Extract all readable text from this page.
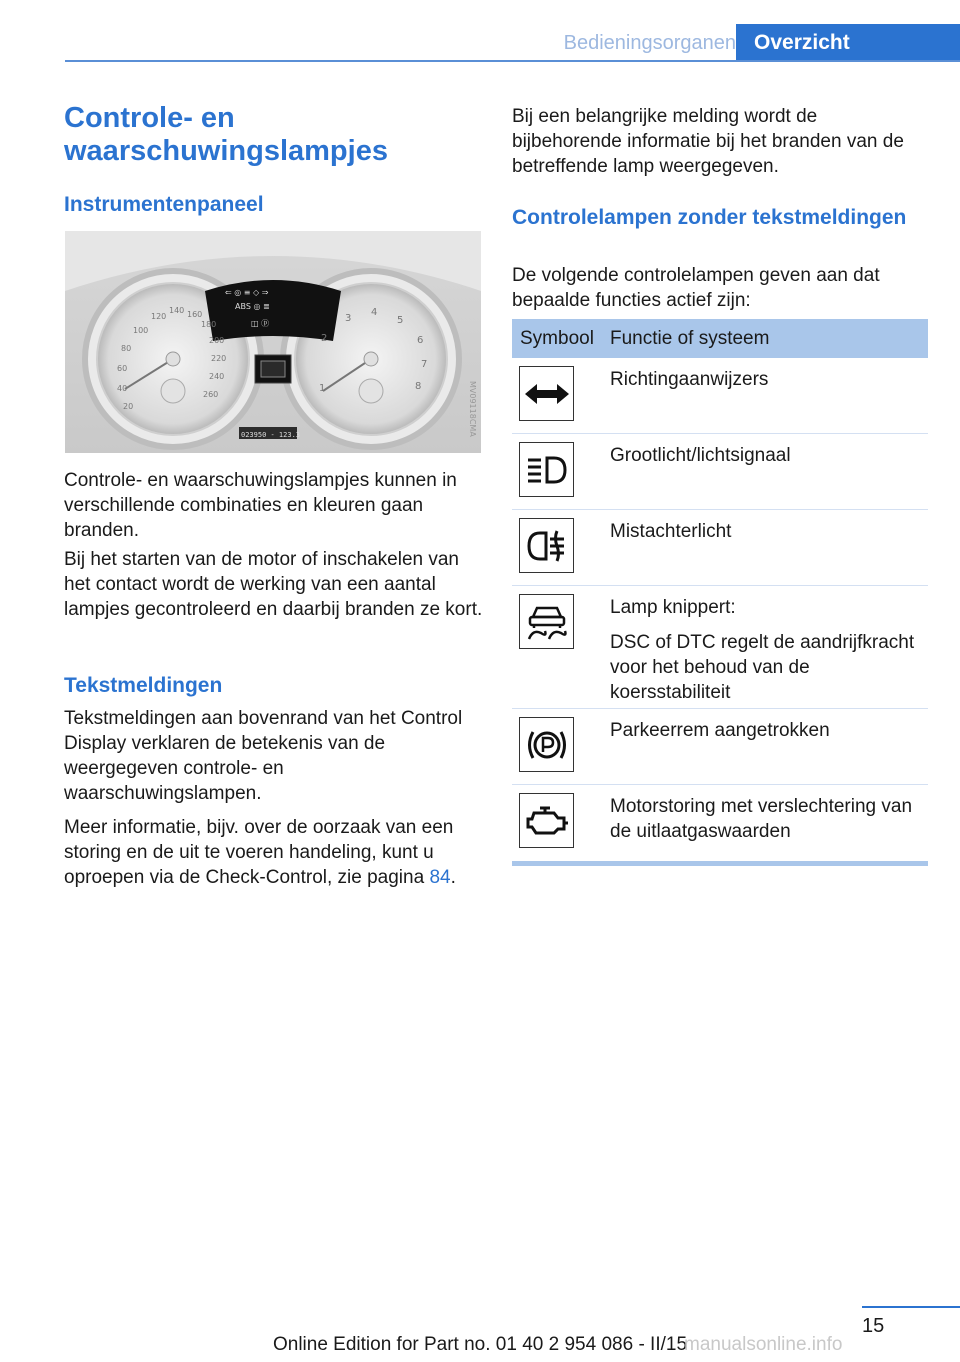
Bedieningsorganen Overzicht
Controle- en waarschuwingslampjes
Instrumentenpaneel
⇐ ◎ ≡ ◇ ⇒
ABS ◎ ≣
◫ ⓟ
20
40
60
80
100
120
140 160
180
200
220
240
260
1
2
3
4
5
6
7
8
023950 - 123.3	MV09118CMA

Controle- en waarschuwingslampjes kunnen in verschillende combinaties en kleuren gaan branden.

Bij het starten van de motor of inschakelen van het contact wordt de werking van een aantal lampjes gecontroleerd en daarbij branden ze kort.

Tekstmeldingen

Tekstmeldingen aan bovenrand van het Control Display verklaren de betekenis van de weergegeven controle- en waarschuwingslampen.

Meer informatie, bijv. over de oorzaak van een storing en de uit te voeren handeling, kunt u oproepen via de Check-Control, zie pagina 84.

Bij een belangrijke melding wordt de bijbehorende informatie bij het branden van de betreffende lamp weergegeven.

Controlelampen zonder tekstmeldingen

De volgende controlelampen geven aan dat bepaalde functies actief zijn:

Symbool Functie of systeem

Richtingaanwijzers

Grootlicht/lichtsignaal

Mistachterlicht

Lamp knippert:

DSC of DTC regelt de aandrijfkracht voor het behoud van de koersstabiliteit

Parkeerrem aangetrokken

Motorstoring met verslechtering van de uitlaatgaswaarden

15
Online Edition for Part no. 01 40 2 954 086 - II/15
manualsonline.info
